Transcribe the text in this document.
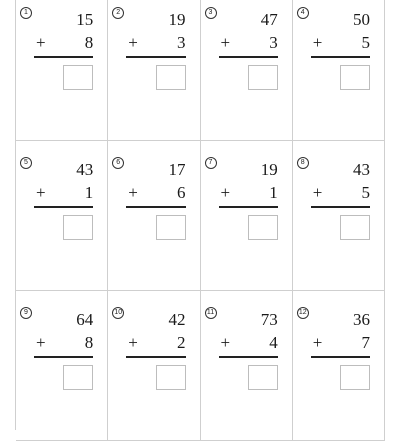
1	15
+ 8
2	19
+ 3
3	47
+ 3
4	50
+ 5
5	43
+ 1
6	17
+ 6
7	19
+ 1
8	43
+ 5
9	64
+ 8
10	42
+ 2
11	73
+ 4
12	36
+ 7
